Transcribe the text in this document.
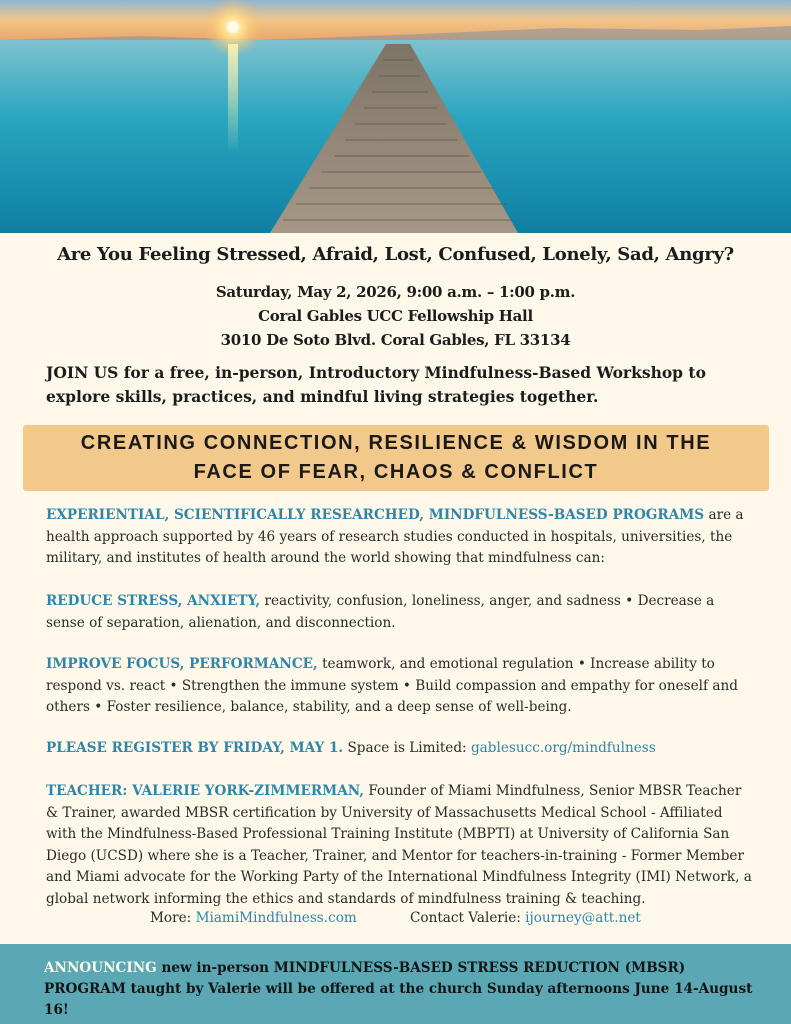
Are You Feeling Stressed, Afraid, Lost, Confused, Lonely, Sad, Angry?
Saturday, May 2, 2026, 9:00 a.m. – 1:00 p.m.
Coral Gables UCC Fellowship Hall
3010 De Soto Blvd. Coral Gables, FL 33134
JOIN US for a free, in-person, Introductory Mindfulness-Based Workshop to explore skills, practices, and mindful living strategies together.
CREATING CONNECTION, RESILIENCE & WISDOM IN THE
FACE OF FEAR, CHAOS & CONFLICT
EXPERIENTIAL, SCIENTIFICALLY RESEARCHED, MINDFULNESS-BASED PROGRAMS are a health approach supported by 46 years of research studies conducted in hospitals, universities, the military, and institutes of health around the world showing that mindfulness can:
REDUCE STRESS, ANXIETY, reactivity, confusion, loneliness, anger, and sadness • Decrease a sense of separation, alienation, and disconnection.
IMPROVE FOCUS, PERFORMANCE, teamwork, and emotional regulation • Increase ability to respond vs. react • Strengthen the immune system • Build compassion and empathy for oneself and others • Foster resilience, balance, stability, and a deep sense of well-being.
PLEASE REGISTER BY FRIDAY, MAY 1. Space is Limited: gablesucc.org/mindfulness
TEACHER: VALERIE YORK-ZIMMERMAN, Founder of Miami Mindfulness, Senior MBSR Teacher & Trainer, awarded MBSR certification by University of Massachusetts Medical School - Affiliated with the Mindfulness-Based Professional Training Institute (MBPTI) at University of California San Diego (UCSD) where she is a Teacher, Trainer, and Mentor for teachers-in-training - Former Member and Miami advocate for the Working Party of the International Mindfulness Integrity (IMI) Network, a global network informing the ethics and standards of mindfulness training & teaching.
More: MiamiMindfulness.com	Contact Valerie: ijourney@att.net
ANNOUNCING new in-person MINDFULNESS-BASED STRESS REDUCTION (MBSR) PROGRAM taught by Valerie will be offered at the church Sunday afternoons June 14-August 16!
